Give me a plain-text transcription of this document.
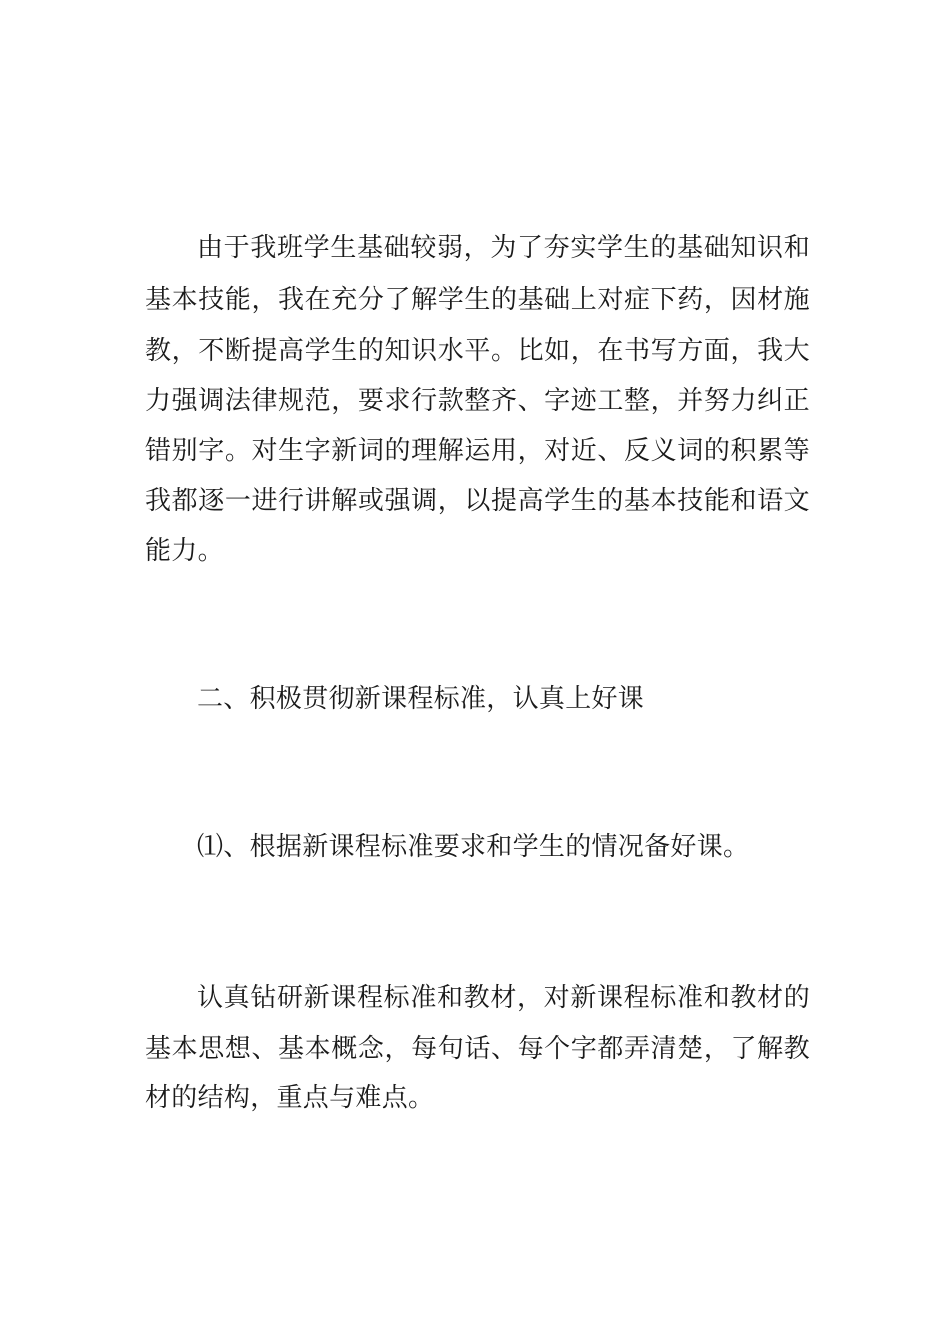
由于我班学生基础较弱，为了夯实学生的基础知识和

基本技能，我在充分了解学生的基础上对症下药，因材施

教，不断提高学生的知识水平。比如，在书写方面，我大

力强调法律规范，要求行款整齐、字迹工整，并努力纠正

错别字。对生字新词的理解运用，对近、反义词的积累等

我都逐一进行讲解或强调，以提高学生的基本技能和语文

能力。

二、积极贯彻新课程标准，认真上好课

⑴、根据新课程标准要求和学生的情况备好课。

认真钻研新课程标准和教材，对新课程标准和教材的

基本思想、基本概念，每句话、每个字都弄清楚，了解教

材的结构，重点与难点。
